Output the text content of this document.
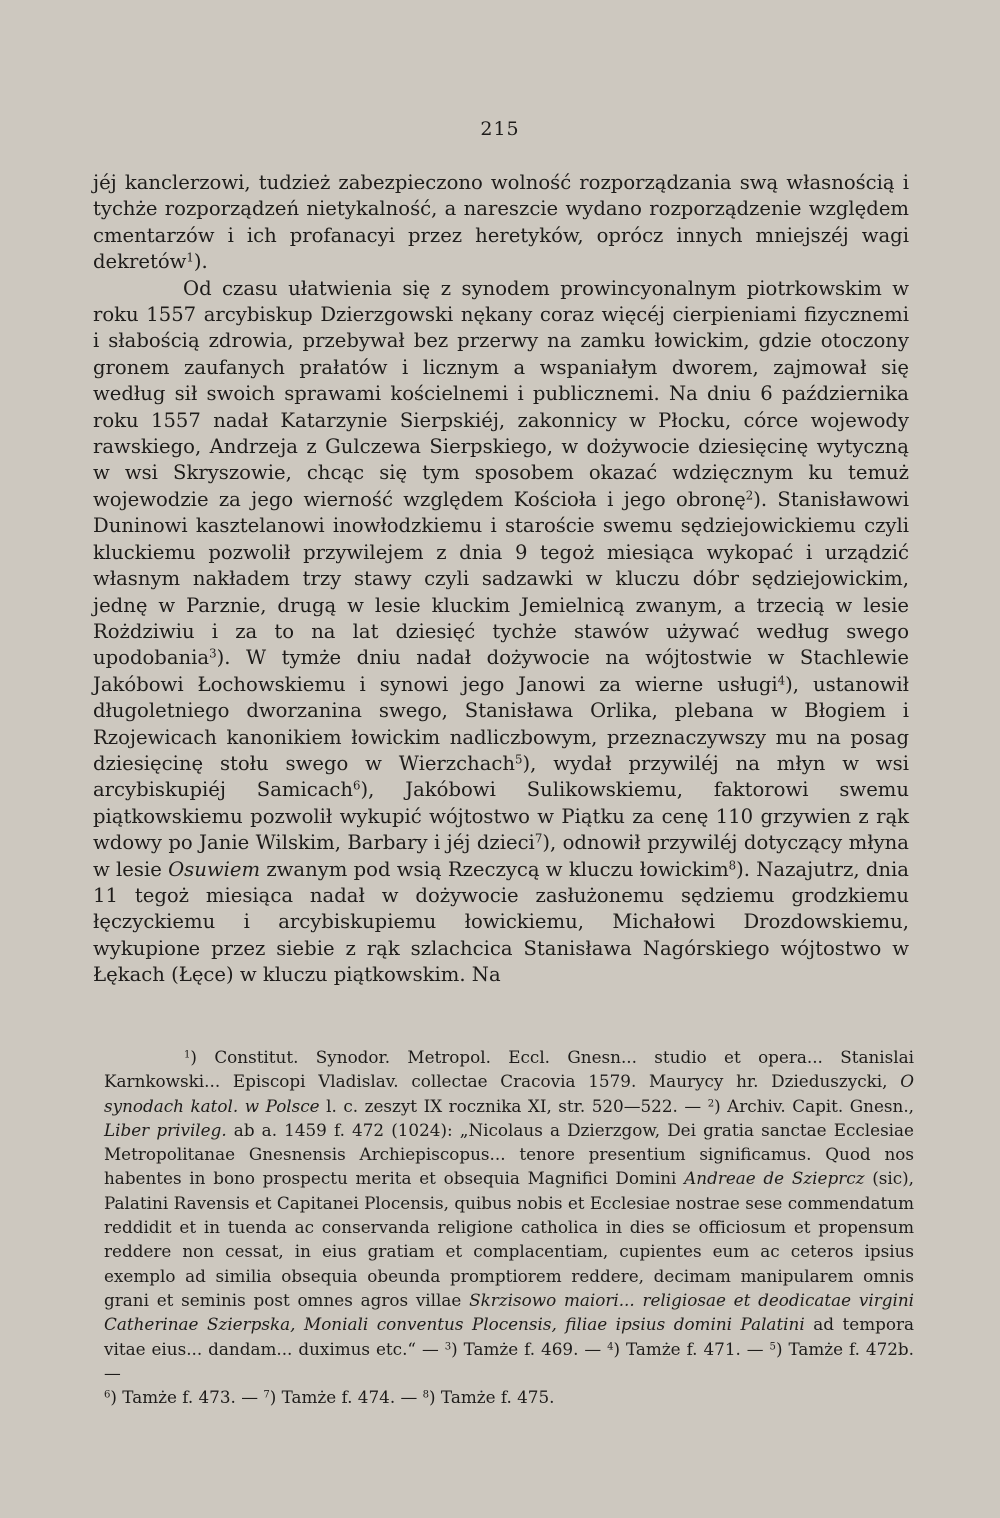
215

jéj kanclerzowi, tudzież zabezpieczono wolność rozporządzania swą własnością i tychże rozporządzeń nietykalność, a nareszcie wydano rozporządzenie względem cmentarzów i ich profanacyi przez heretyków, oprócz innych mniejszéj wagi dekretów$^1$).

Od czasu ułatwienia się z synodem prowincyonalnym piotrkowskim w roku 1557 arcybiskup Dzierzgowski nękany coraz więcéj cierpieniami fizycznemi i słabością zdrowia, przebywał bez przerwy na zamku łowickim, gdzie otoczony gronem zaufanych prałatów i licznym a wspaniałym dworem, zajmował się według sił swoich sprawami kościelnemi i publicznemi. Na dniu 6 października roku 1557 nadał Katarzynie Sierpskiéj, zakonnicy w Płocku, córce wojewody rawskiego, Andrzeja z Gulczewa Sierpskiego, w dożywocie dziesięcinę wytyczną w wsi Skryszowie, chcąc się tym sposobem okazać wdzięcznym ku temuż wojewodzie za jego wierność względem Kościoła i jego obronę$^2$). Stanisławowi Duninowi kasztelanowi inowłodzkiemu i staroście swemu sędziejowickiemu czyli kluckiemu pozwolił przywilejem z dnia 9 tegoż miesiąca wykopać i urządzić własnym nakładem trzy stawy czyli sadzawki w kluczu dóbr sędziejowickim, jednę w Parznie, drugą w lesie kluckim Jemielnicą zwanym, a trzecią w lesie Rożdziwiu i za to na lat dziesięć tychże stawów używać według swego upodobania$^3$). W tymże dniu nadał dożywocie na wójtostwie w Stachlewie Jakóbowi Łochowskiemu i synowi jego Janowi za wierne usługi$^4$), ustanowił długoletniego dworzanina swego, Stanisława Orlika, plebana w Błogiem i Rzojewicach kanonikiem łowickim nadliczbowym, przeznaczywszy mu na posag dziesięcinę stołu swego w Wierzchach$^5$), wydał przywiléj na młyn w wsi arcybiskupiéj Samicach$^6$), Jakóbowi Sulikowskiemu, faktorowi swemu piątkowskiemu pozwolił wykupić wójtostwo w Piątku za cenę 110 grzywien z rąk wdowy po Janie Wilskim, Barbary i jéj dzieci$^7$), odnowił przywiléj dotyczący młyna w lesie Osuwiem zwanym pod wsią Rzeczycą w kluczu łowickim$^8$). Nazajutrz, dnia 11 tegoż miesiąca nadał w dożywocie zasłużonemu sędziemu grodzkiemu łęczyckiemu i arcybiskupiemu łowickiemu, Michałowi Drozdowskiemu, wykupione przez siebie z rąk szlachcica Stanisława Nagórskiego wójtostwo w Łękach (Łęce) w kluczu piątkowskim. Na

$^1$) Constitut. Synodor. Metropol. Eccl. Gnesn... studio et opera... Stanislai Karnkowski... Episcopi Vladislav. collectae Cracovia 1579. Maurycy hr. Dzieduszycki, O synodach katol. w Polsce l. c. zeszyt IX rocznika XI, str. 520—522. — $^2$) Archiv. Capit. Gnesn., Liber privileg. ab a. 1459 f. 472 (1024): „Nicolaus a Dzierzgow, Dei gratia sanctae Ecclesiae Metropolitanae Gnesnensis Archiepiscopus... tenore presentium significamus. Quod nos habentes in bono prospectu merita et obsequia Magnifici Domini Andreae de Szieprcz (sic), Palatini Ravensis et Capitanei Plocensis, quibus nobis et Ecclesiae nostrae sese commendatum reddidit et in tuenda ac conservanda religione catholica in dies se officiosum et propensum reddere non cessat, in eius gratiam et complacentiam, cupientes eum ac ceteros ipsius exemplo ad similia obsequia obeunda promptiorem reddere, decimam manipularem omnis grani et seminis post omnes agros villae Skrzisowo maiori... religiosae et deodicatae virgini Catherinae Szierpska, Moniali conventus Plocensis, filiae ipsius domini Palatini ad tempora vitae eius... dandam... duximus etc.“ — $^3$) Tamże f. 469. — $^4$) Tamże f. 471. — $^5$) Tamże f. 472b. —
$^6$) Tamże f. 473. — $^7$) Tamże f. 474. — $^8$) Tamże f. 475.
